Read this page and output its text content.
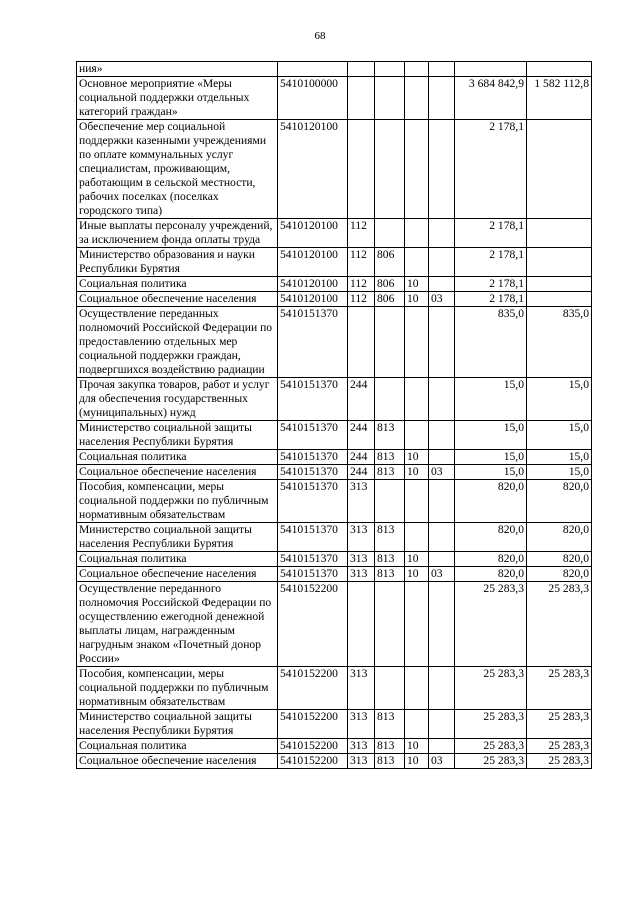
68
ния»							
Основное мероприятие «Меры социальной поддержки отдельных категорий граждан»	5410100000					3 684 842,9	1 582 112,8
Обеспечение мер социальной поддержки казенными учреждениями по оплате коммунальных услуг специалистам, проживающим, работающим в сельской местности, рабочих поселках (поселках городского типа)	5410120100					2 178,1	
Иные выплаты персоналу учреждений, за исключением фонда оплаты труда	5410120100	112				2 178,1	
Министерство образования и науки Республики Бурятия	5410120100	112	806			2 178,1	
Социальная политика	5410120100	112	806	10		2 178,1	
Социальное обеспечение населения	5410120100	112	806	10	03	2 178,1	
Осуществление переданных полномочий Российской Федерации по предоставлению отдельных мер социальной поддержки граждан, подвергшихся воздействию радиации	5410151370					835,0	835,0
Прочая закупка товаров, работ и услуг для обеспечения государственных (муниципальных) нужд	5410151370	244				15,0	15,0
Министерство социальной защиты населения Республики Бурятия	5410151370	244	813			15,0	15,0
Социальная политика	5410151370	244	813	10		15,0	15,0
Социальное обеспечение населения	5410151370	244	813	10	03	15,0	15,0
Пособия, компенсации, меры социальной поддержки по публичным нормативным обязательствам	5410151370	313				820,0	820,0
Министерство социальной защиты населения Республики Бурятия	5410151370	313	813			820,0	820,0
Социальная политика	5410151370	313	813	10		820,0	820,0
Социальное обеспечение населения	5410151370	313	813	10	03	820,0	820,0
Осуществление переданного полномочия Российской Федерации по осуществлению ежегодной денежной выплаты лицам, награжденным нагрудным знаком «Почетный донор России»	5410152200					25 283,3	25 283,3
Пособия, компенсации, меры социальной поддержки по публичным нормативным обязательствам	5410152200	313				25 283,3	25 283,3
Министерство социальной защиты населения Республики Бурятия	5410152200	313	813			25 283,3	25 283,3
Социальная политика	5410152200	313	813	10		25 283,3	25 283,3
Социальное обеспечение населения	5410152200	313	813	10	03	25 283,3	25 283,3
